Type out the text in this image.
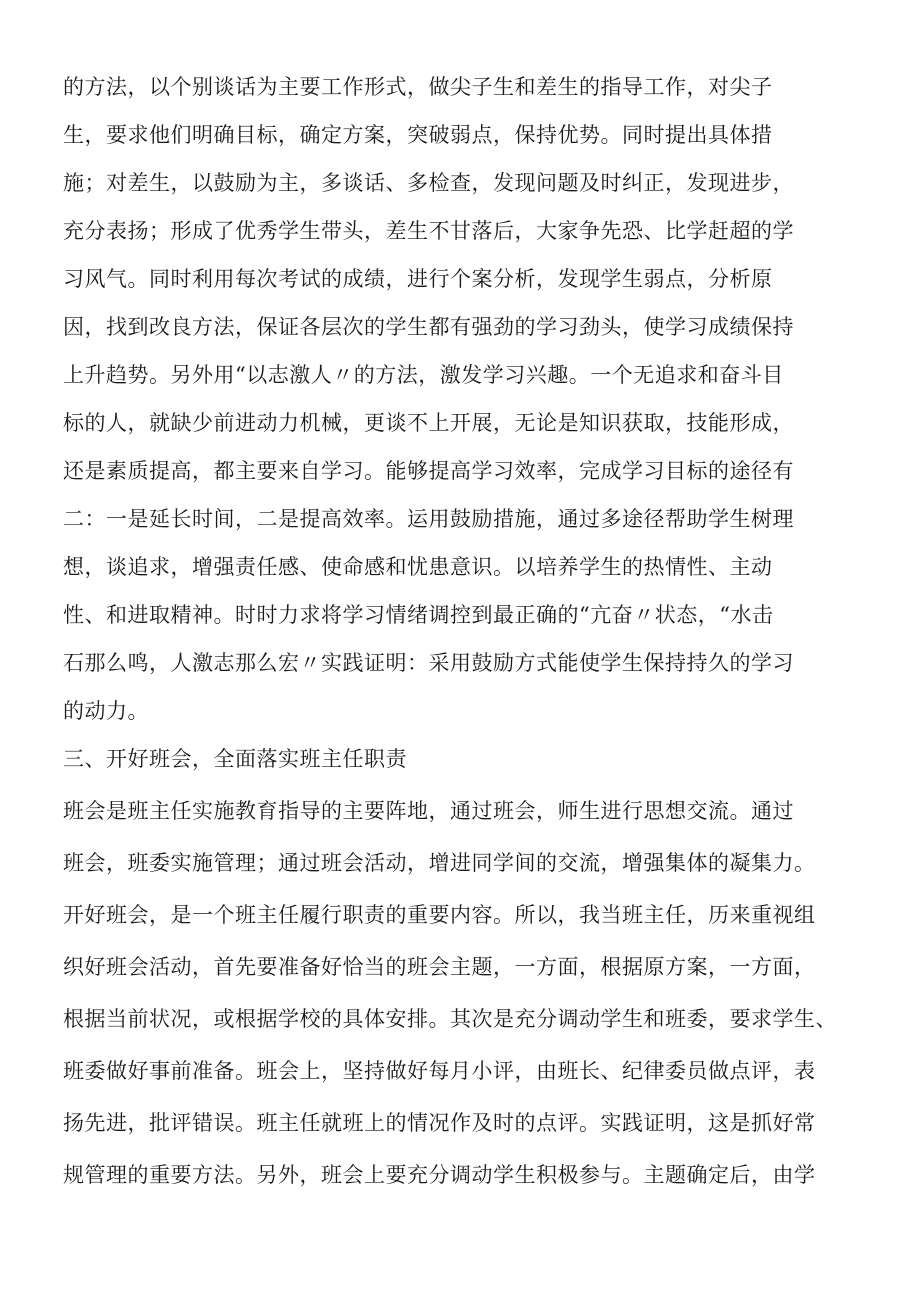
的方法，以个别谈话为主要工作形式，做尖子生和差生的指导工作，对尖子
生，要求他们明确目标，确定方案，突破弱点，保持优势。同时提出具体措
施；对差生，以鼓励为主，多谈话、多检查，发现问题及时纠正，发现进步，
充分表扬；形成了优秀学生带头，差生不甘落后，大家争先恐、比学赶超的学
习风气。同时利用每次考试的成绩，进行个案分析，发现学生弱点，分析原
因，找到改良方法，保证各层次的学生都有强劲的学习劲头，使学习成绩保持
上升趋势。另外用“以志激人〃的方法，激发学习兴趣。一个无追求和奋斗目
标的人，就缺少前进动力机械，更谈不上开展，无论是知识获取，技能形成，
还是素质提高，都主要来自学习。能够提高学习效率，完成学习目标的途径有
二：一是延长时间，二是提高效率。运用鼓励措施，通过多途径帮助学生树理
想，谈追求，增强责任感、使命感和忧患意识。以培养学生的热情性、主动
性、和进取精神。时时力求将学习情绪调控到最正确的“亢奋〃状态，“水击
石那么鸣，人激志那么宏〃实践证明：采用鼓励方式能使学生保持持久的学习
的动力。
三、开好班会，全面落实班主任职责
班会是班主任实施教育指导的主要阵地，通过班会，师生进行思想交流。通过
班会，班委实施管理；通过班会活动，增进同学间的交流，增强集体的凝集力。
开好班会，是一个班主任履行职责的重要内容。所以，我当班主任，历来重视组
织好班会活动，首先要准备好恰当的班会主题，一方面，根据原方案，一方面，
根据当前状况，或根据学校的具体安排。其次是充分调动学生和班委，要求学生、
班委做好事前准备。班会上，坚持做好每月小评，由班长、纪律委员做点评，表
扬先进，批评错误。班主任就班上的情况作及时的点评。实践证明，这是抓好常
规管理的重要方法。另外，班会上要充分调动学生积极参与。主题确定后，由学
